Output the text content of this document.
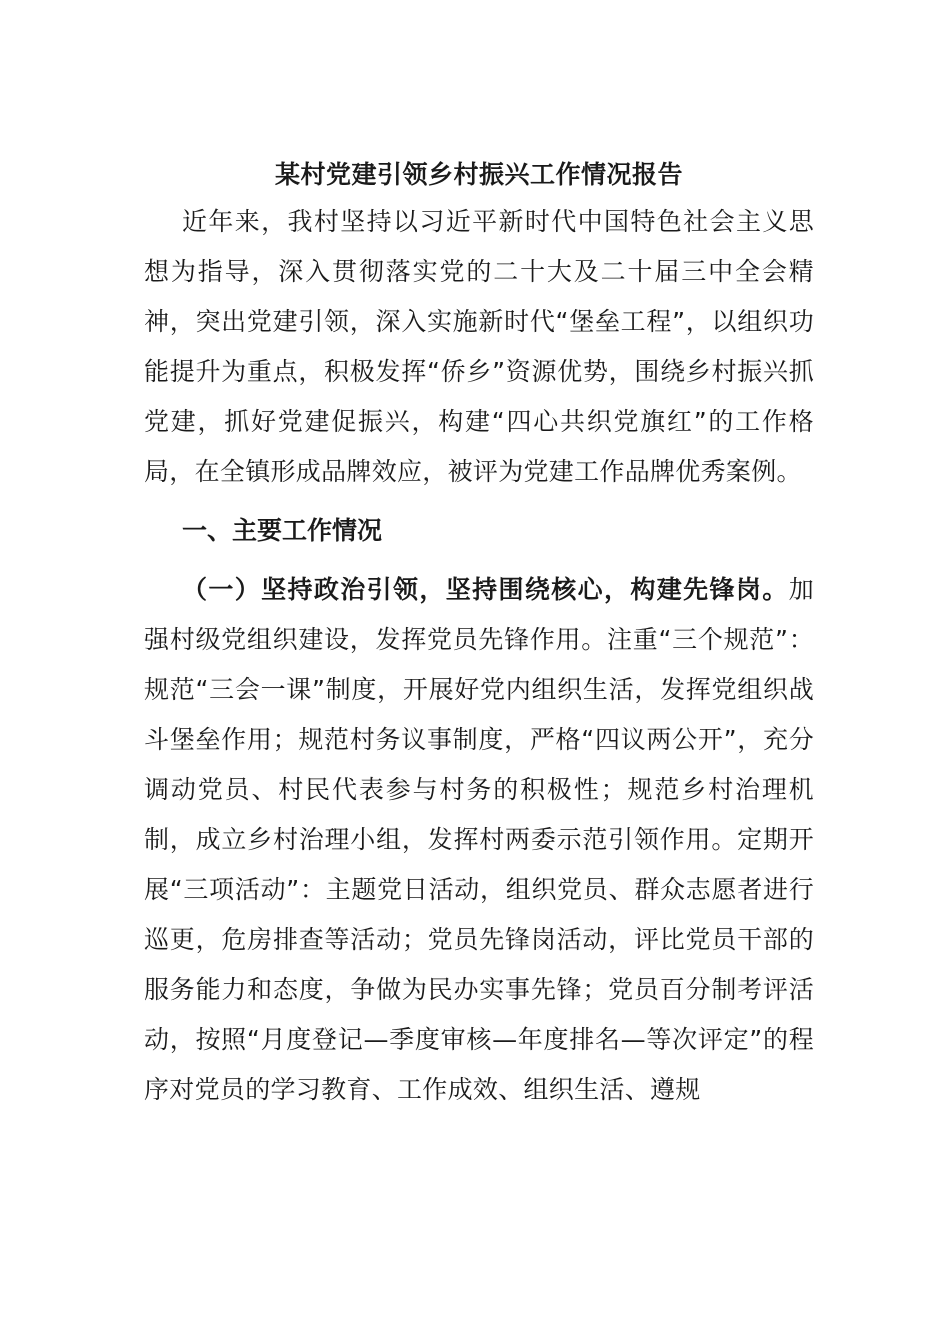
某村党建引领乡村振兴工作情况报告

近年来，我村坚持以习近平新时代中国特色社会主义思想为指导，深入贯彻落实党的二十大及二十届三中全会精神，突出党建引领，深入实施新时代“堡垒工程”，以组织功能提升为重点，积极发挥“侨乡”资源优势，围绕乡村振兴抓党建，抓好党建促振兴，构建“四心共织党旗红”的工作格局，在全镇形成品牌效应，被评为党建工作品牌优秀案例。

一、主要工作情况

（一）坚持政治引领，坚持围绕核心，构建先锋岗。加强村级党组织建设，发挥党员先锋作用。注重“三个规范”：规范“三会一课”制度，开展好党内组织生活，发挥党组织战斗堡垒作用；规范村务议事制度，严格“四议两公开”，充分调动党员、村民代表参与村务的积极性；规范乡村治理机制，成立乡村治理小组，发挥村两委示范引领作用。定期开展“三项活动”：主题党日活动，组织党员、群众志愿者进行巡更，危房排查等活动；党员先锋岗活动，评比党员干部的服务能力和态度，争做为民办实事先锋；党员百分制考评活动，按照“月度登记—季度审核—年度排名—等次评定”的程序对党员的学习教育、工作成效、组织生活、遵规
